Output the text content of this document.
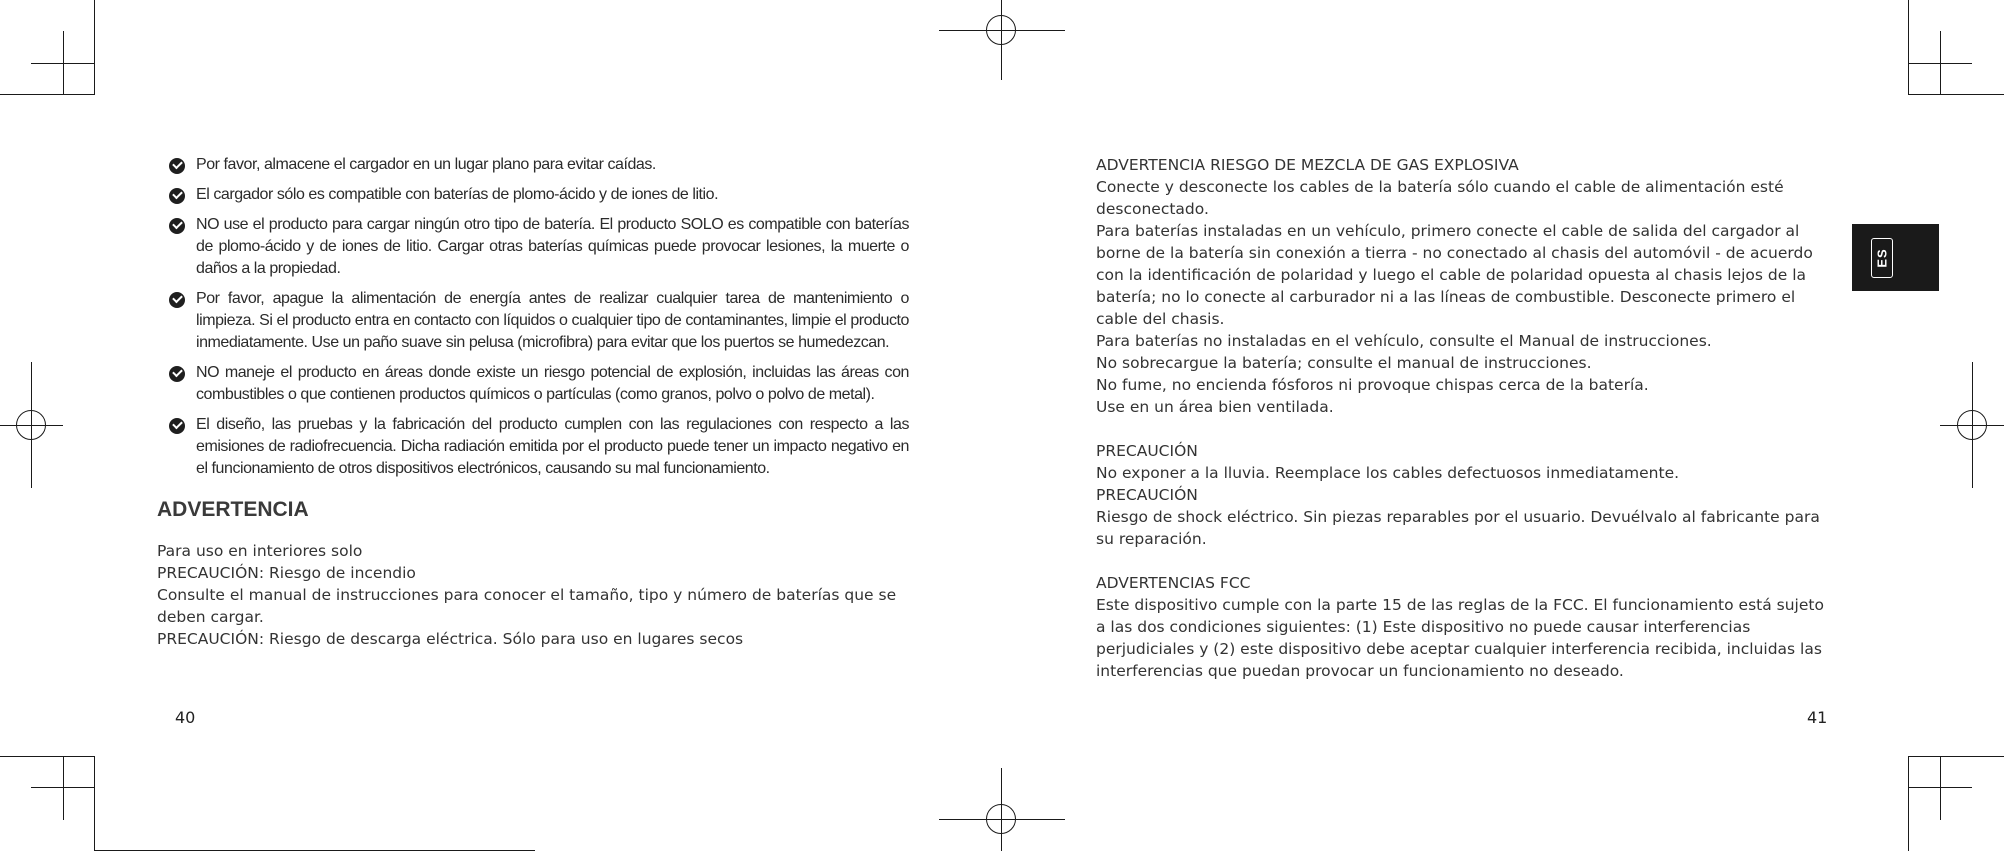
Por favor, almacene el cargador en un lugar plano para evitar caídas.
El cargador sólo es compatible con baterías de plomo-ácido y de iones de litio.
NO use el producto para cargar ningún otro tipo de batería. El producto SOLO es compatible con baterías de plomo-ácido y de iones de litio. Cargar otras baterías químicas puede provocar lesiones, la muerte o daños a la propiedad.
Por favor, apague la alimentación de energía antes de realizar cualquier tarea de mantenimiento o limpieza. Si el producto entra en contacto con líquidos o cualquier tipo de contaminantes, limpie el producto inmediatamente. Use un paño suave sin pelusa (microfibra) para evitar que los puertos se humedezcan.
NO maneje el producto en áreas donde existe un riesgo potencial de explosión, incluidas las áreas con combustibles o que contienen productos químicos o partículas (como granos, polvo o polvo de metal).
El diseño, las pruebas y la fabricación del producto cumplen con las regulaciones con respecto a las emisiones de radiofrecuencia. Dicha radiación emitida por el producto puede tener un impacto negativo en el funcionamiento de otros dispositivos electrónicos, causando su mal funcionamiento.
ADVERTENCIA
Para uso en interiores solo
PRECAUCIÓN: Riesgo de incendio
Consulte el manual de instrucciones para conocer el tamaño, tipo y número de baterías que se deben cargar.
PRECAUCIÓN: Riesgo de descarga eléctrica. Sólo para uso en lugares secos
40
ADVERTENCIA RIESGO DE MEZCLA DE GAS EXPLOSIVA
Conecte y desconecte los cables de la batería sólo cuando el cable de alimentación esté desconectado.
Para baterías instaladas en un vehículo, primero conecte el cable de salida del cargador al borne de la batería sin conexión a tierra - no conectado al chasis del automóvil - de acuerdo con la identificación de polaridad y luego el cable de polaridad opuesta al chasis lejos de la batería; no lo conecte al carburador ni a las líneas de combustible. Desconecte primero el cable del chasis.
Para baterías no instaladas en el vehículo, consulte el Manual de instrucciones.
No sobrecargue la batería; consulte el manual de instrucciones.
No fume, no encienda fósforos ni provoque chispas cerca de la batería.
Use en un área bien ventilada.
PRECAUCIÓN
No exponer a la lluvia. Reemplace los cables defectuosos inmediatamente.
PRECAUCIÓN
Riesgo de shock eléctrico. Sin piezas reparables por el usuario. Devuélvalo al fabricante para su reparación.
ADVERTENCIAS FCC
Este dispositivo cumple con la parte 15 de las reglas de la FCC. El funcionamiento está sujeto a las dos condiciones siguientes: (1) Este dispositivo no puede causar interferencias perjudiciales y (2) este dispositivo debe aceptar cualquier interferencia recibida, incluidas las interferencias que puedan provocar un funcionamiento no deseado.
41
ES
